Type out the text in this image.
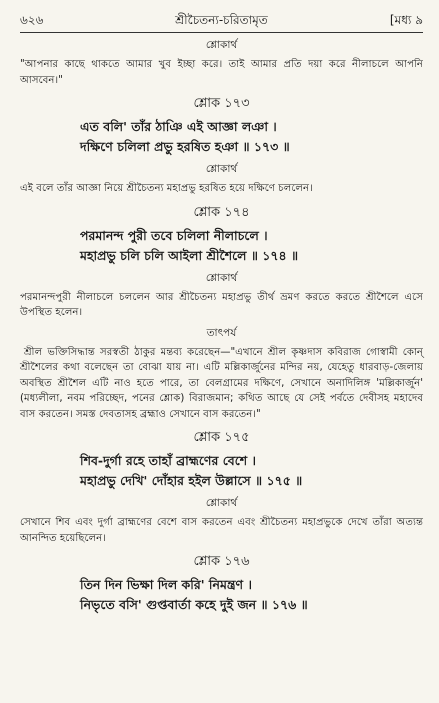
৬২৬	শ্রীচৈতন্য-চরিতামৃত	[মধ্য ৯
শ্লোকার্থ

"আপনার কাছে থাকতে আমার খুব ইচ্ছা করে। তাই আমার প্রতি দয়া করে নীলাচলে আপনি আসবেন।"

শ্লোক ১৭৩
এত বলি' তাঁর ঠাঞি এই আজ্ঞা লঞা ।
দক্ষিণে চলিলা প্রভু হরষিত হঞা ॥ ১৭৩ ॥
শ্লোকার্থ

এই বলে তাঁর আজ্ঞা নিয়ে শ্রীচৈতন্য মহাপ্রভু হরষিত হয়ে দক্ষিণে চললেন।

শ্লোক ১৭৪
পরমানন্দ পুরী তবে চলিলা নীলাচলে ।
মহাপ্রভু চলি চলি আইলা শ্রীশৈলে ॥ ১৭৪ ॥
শ্লোকার্থ

পরমানন্দপুরী নীলাচলে চললেন আর শ্রীচৈতন্য মহাপ্রভু তীর্থ ভ্রমণ করতে করতে শ্রীশৈলে এসে উপস্থিত হলেন।

তাৎপর্য

শ্রীল ভক্তিসিদ্ধান্ত সরস্বতী ঠাকুর মন্তব্য করেছেন—"এখানে শ্রীল কৃষ্ণদাস কবিরাজ গোস্বামী কোন্ শ্রীশৈলের কথা বলেছেন তা বোঝা যায় না। এটি মল্লিকার্জুনের মন্দির নয়, যেহেতু ধারবাড়-জেলায় অবস্থিত শ্রীশৈল এটি নাও হতে পারে, তা বেলগ্রামের দক্ষিণে, সেখানে অনাদিলিঙ্গ 'মল্লিকার্জুন' (মধ্যলীলা, নবম পরিচ্ছেদ, পনের শ্লোক) বিরাজমান; কথিত আছে যে সেই পর্বতে দেবীসহ মহাদেব বাস করতেন। সমস্ত দেবতাসহ ব্রহ্মাও সেখানে বাস করতেন।"

শ্লোক ১৭৫
শিব-দুর্গা রহে তাহাঁ ব্রাহ্মণের বেশে ।
মহাপ্রভু দেখি' দোঁহার হইল উল্লাসে ॥ ১৭৫ ॥
শ্লোকার্থ

সেখানে শিব এবং দুর্গা ব্রাহ্মণের বেশে বাস করতেন এবং শ্রীচৈতন্য মহাপ্রভুকে দেখে তাঁরা অত্যন্ত আনন্দিত হয়েছিলেন।

শ্লোক ১৭৬
তিন দিন ভিক্ষা দিল করি' নিমন্ত্রণ ।
নিভৃতে বসি' গুপ্তবার্তা কহে দুই জন ॥ ১৭৬ ॥
